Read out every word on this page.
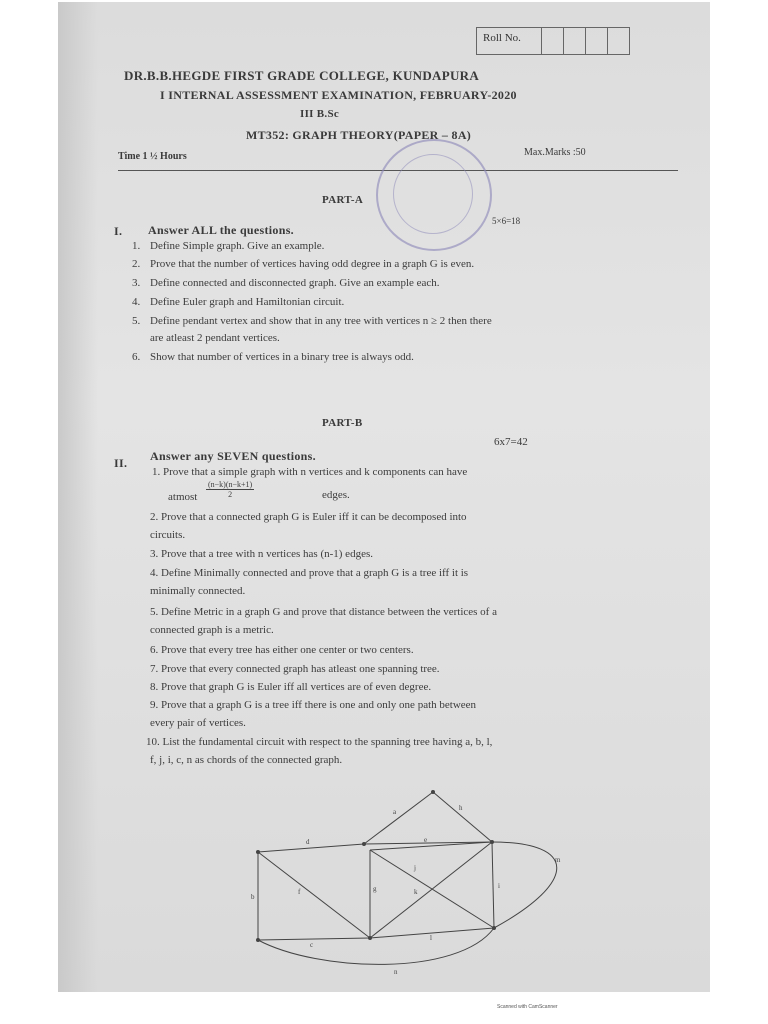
Roll No.
DR.B.B.HEGDE FIRST GRADE COLLEGE, KUNDAPURA
I INTERNAL ASSESSMENT EXAMINATION, FEBRUARY-2020
III B.Sc
MT352: GRAPH THEORY(PAPER – 8A)
Time 1 ½ Hours	Max.Marks :50
PART-A
I. Answer ALL the questions.
5×6=18
1. Define Simple graph. Give an example.
2. Prove that the number of vertices having odd degree in a graph G is even.
3. Define connected and disconnected graph. Give an example each.
4. Define Euler graph and Hamiltonian circuit.
5. Define pendant vertex and show that in any tree with vertices n ≥ 2 then there
are atleast 2 pendant vertices.
6. Show that number of vertices in a binary tree is always odd.
PART-B
6x7=42
II. Answer any SEVEN questions.
1. Prove that a simple graph with n vertices and k components can have
atmost $\frac{(n-k)(n-k+1)}{2}$	edges.
2. Prove that a connected graph G is Euler iff it can be decomposed into
circuits.
3. Prove that a tree with n vertices has (n-1) edges.
4. Define Minimally connected and prove that a graph G is a tree iff it is
minimally connected.
5. Define Metric in a graph G and prove that distance between the vertices of a
connected graph is a metric.
6. Prove that every tree has either one center or two centers.
7. Prove that every connected graph has atleast one spanning tree.
8. Prove that graph G is Euler iff all vertices are of even degree.
9. Prove that a graph G is a tree iff there is one and only one path between
every pair of vertices.
10. List the fundamental circuit with respect to the spanning tree having a, b, l,
f, j, i, c, n as chords of the connected graph.
d
a	h
e
b
f	g
j
k
c
l
i
m
n
Scanned with CamScanner
